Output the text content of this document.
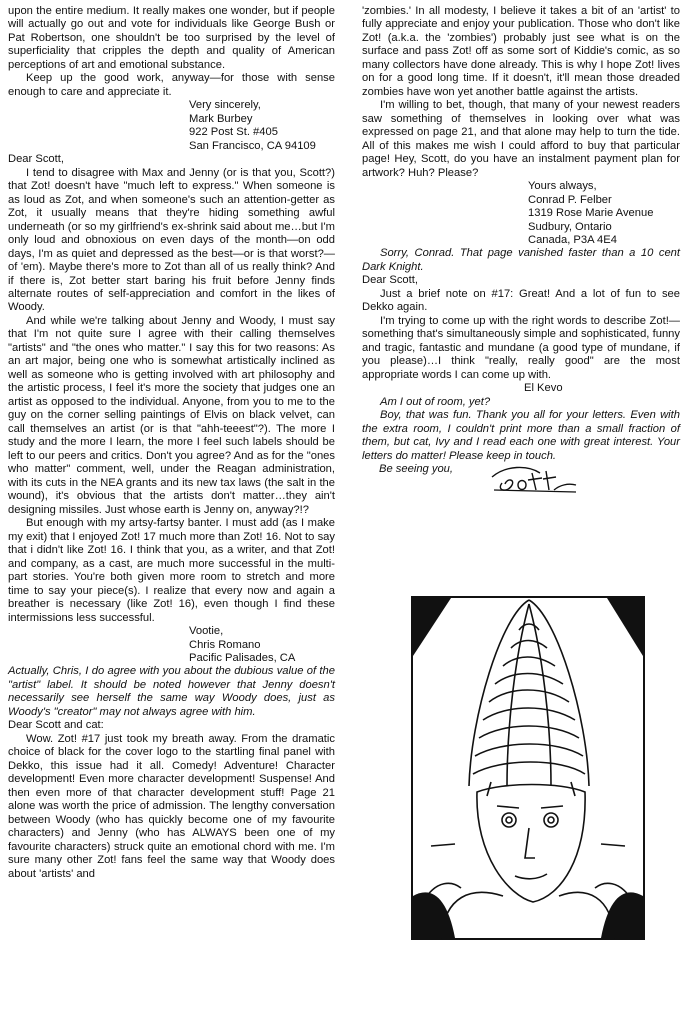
upon the entire medium. It really makes one wonder, but if people will actually go out and vote for individuals like George Bush or Pat Robertson, one shouldn't be too surprised by the level of superficiality that cripples the depth and quality of American perceptions of art and emotional substance.

Keep up the good work, anyway—for those with sense enough to care and appreciate it.

Very sincerely,
Mark Burbey
922 Post St. #405
San Francisco, CA 94109

Dear Scott,

I tend to disagree with Max and Jenny (or is that you, Scott?) that Zot! doesn't have "much left to express." When someone is as loud as Zot, and when someone's such an attention-getter as Zot, it usually means that they're hiding something awful underneath (or so my girlfriend's ex-shrink said about me…but I'm only loud and obnoxious on even days of the month—on odd days, I'm as quiet and depressed as the best—or is that worst?—of 'em). Maybe there's more to Zot than all of us really think? And if there is, Zot better start baring his fruit before Jenny finds alternate routes of self-appreciation and comfort in the likes of Woody.

And while we're talking about Jenny and Woody, I must say that I'm not quite sure I agree with their calling themselves "artists" and "the ones who matter." I say this for two reasons: As an art major, being one who is somewhat artistically inclined as well as someone who is getting involved with art philosophy and the artistic process, I feel it's more the society that judges one an artist as opposed to the individual. Anyone, from you to me to the guy on the corner selling paintings of Elvis on black velvet, can call themselves an artist (or is that "ahh-teeest"?). The more I study and the more I learn, the more I feel such labels should be left to our peers and critics. Don't you agree? And as for the "ones who matter" comment, well, under the Reagan administration, with its cuts in the NEA grants and its new tax laws (the salt in the wound), it's obvious that the artists don't matter…they ain't designing missiles. Just whose earth is Jenny on, anyway?!?

But enough with my artsy-fartsy banter. I must add (as I make my exit) that I enjoyed Zot! 17 much more than Zot! 16. Not to say that i didn't like Zot! 16. I think that you, as a writer, and that Zot! and company, as a cast, are much more successful in the multi-part stories. You're both given more room to stretch and more time to say your piece(s). I realize that every now and again a breather is necessary (like Zot! 16), even though I find these intermissions less successful.

Vootie,
Chris Romano
Pacific Palisades, CA

Actually, Chris, I do agree with you about the dubious value of the "artist" label. It should be noted however that Jenny doesn't necessarily see herself the same way Woody does, just as Woody's "creator" may not always agree with him.

Dear Scott and cat:

Wow. Zot! #17 just took my breath away. From the dramatic choice of black for the cover logo to the startling final panel with Dekko, this issue had it all. Comedy! Adventure! Character development! Even more character development! Suspense! And then even more of that character development stuff! Page 21 alone was worth the price of admission. The lengthy conversation between Woody (who has quickly become one of my favourite characters) and Jenny (who has ALWAYS been one of my favourite characters) struck quite an emotional chord with me. I'm sure many other Zot! fans feel the same way that Woody does about 'artists' and

'zombies.' In all modesty, I believe it takes a bit of an 'artist' to fully appreciate and enjoy your publication. Those who don't like Zot! (a.k.a. the 'zombies') probably just see what is on the surface and pass Zot! off as some sort of Kiddie's comic, as so many collectors have done already. This is why I hope Zot! lives on for a good long time. If it doesn't, it'll mean those dreaded zombies have won yet another battle against the artists.

I'm willing to bet, though, that many of your newest readers saw something of themselves in looking over what was expressed on page 21, and that alone may help to turn the tide. All of this makes me wish I could afford to buy that particular page! Hey, Scott, do you have an instalment payment plan for artwork? Huh? Please?

Yours always,
Conrad P. Felber
1319 Rose Marie Avenue
Sudbury, Ontario
Canada, P3A 4E4

Sorry, Conrad. That page vanished faster than a 10 cent Dark Knight.

Dear Scott,

Just a brief note on #17: Great! And a lot of fun to see Dekko again.

I'm trying to come up with the right words to describe Zot!—something that's simultaneously simple and sophisticated, funny and tragic, fantastic and mundane (a good type of mundane, if you please)…I think "really, really good" are the most appropriate words I can come up with.

El Kevo

Am I out of room, yet?

Boy, that was fun. Thank you all for your letters. Even with the extra room, I couldn't print more than a small fraction of them, but cat, Ivy and I read each one with great interest. Your letters do matter! Please keep in touch.

Be seeing you,
